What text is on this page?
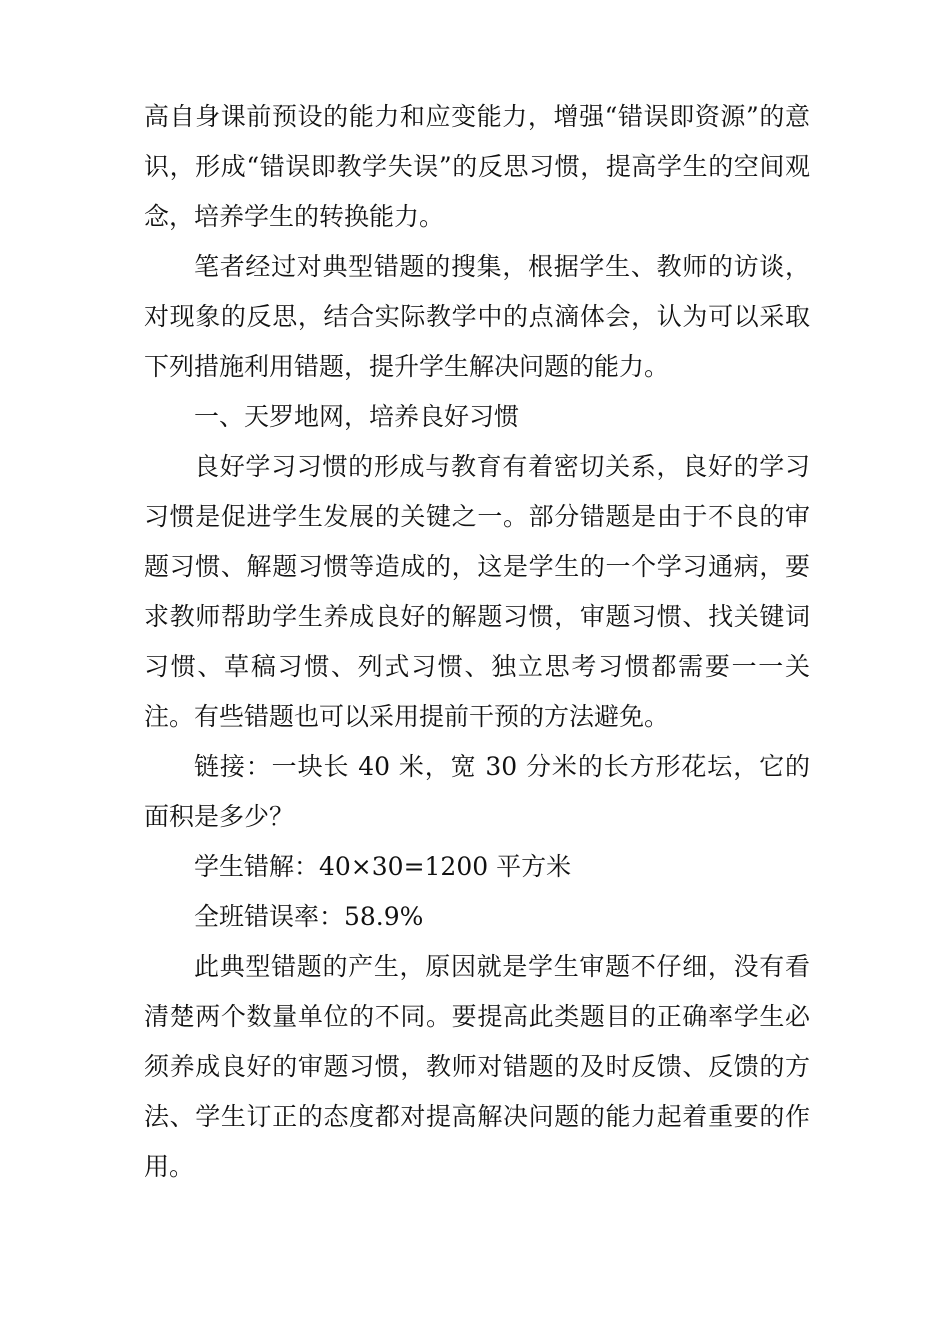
高自身课前预设的能力和应变能力，增强“错误即资源”的意识，形成“错误即教学失误”的反思习惯，提高学生的空间观念，培养学生的转换能力。

笔者经过对典型错题的搜集，根据学生、教师的访谈，对现象的反思，结合实际教学中的点滴体会，认为可以采取下列措施利用错题，提升学生解决问题的能力。

一、天罗地网，培养良好习惯

良好学习习惯的形成与教育有着密切关系，良好的学习习惯是促进学生发展的关键之一。部分错题是由于不良的审题习惯、解题习惯等造成的，这是学生的一个学习通病，要求教师帮助学生养成良好的解题习惯，审题习惯、找关键词习惯、草稿习惯、列式习惯、独立思考习惯都需要一一关注。有些错题也可以采用提前干预的方法避免。

链接：一块长 40 米，宽 30 分米的长方形花坛，它的面积是多少？

学生错解：40×30=1200 平方米

全班错误率：58.9%

此典型错题的产生，原因就是学生审题不仔细，没有看清楚两个数量单位的不同。要提高此类题目的正确率学生必须养成良好的审题习惯，教师对错题的及时反馈、反馈的方法、学生订正的态度都对提高解决问题的能力起着重要的作用。
